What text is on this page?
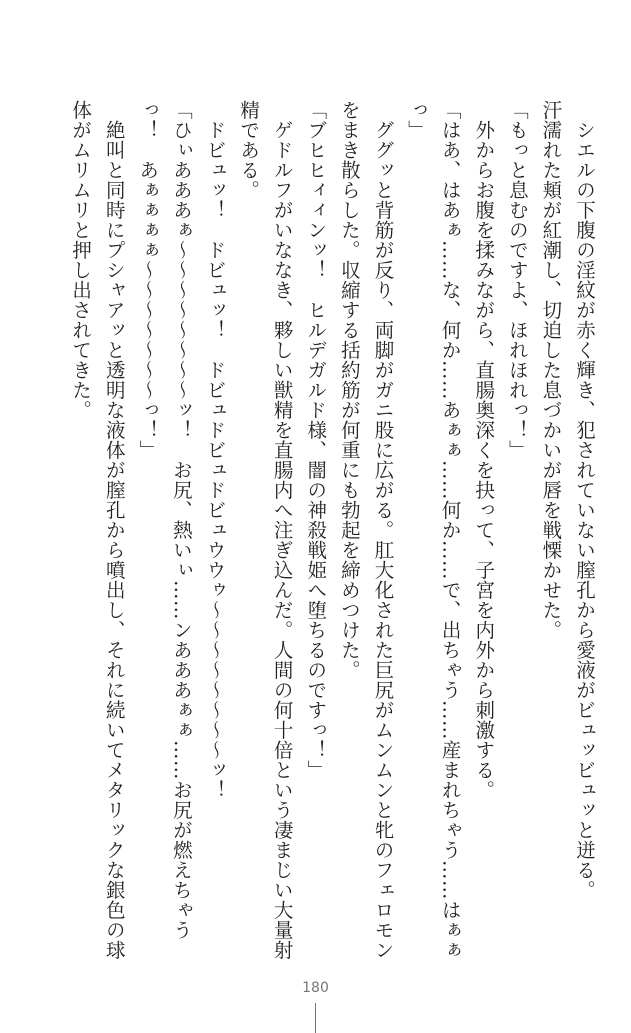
　シエルの下腹の淫紋が赤く輝き、犯されていない膣孔から愛液がビュッビュッと迸る。

汗濡れた頬が紅潮し、切迫した息づかいが唇を戦慄かせた。

「もっと息むのですよ、ほれほれっ！」

　外からお腹を揉みながら、直腸奥深くを抉って、子宮を内外から刺激する。

「はあ、はあぁ……な、何か……あぁぁ……何か……で、出ちゃう……産まれちゃう……はぁぁっ」

　ググッと背筋が反り、両脚がガニ股に広がる。肛大化された巨尻がムンムンと牝のフェロモンをまき散らした。収縮する括約筋が何重にも勃起を締めつけた。

「ブヒヒィィンッ！　ヒルデガルド様、闇の神殺戦姫へ堕ちるのですっ！」

　ゲドルフがいななき、夥しい獣精を直腸内へ注ぎ込んだ。人間の何十倍という凄まじい大量射精である。

　ドビュッ！　ドビュッ！　ドビュドビュドビュウウゥ～～～～～～～～ッ！

「ひぃあああぁ～～～～～～～～ッ！　お尻、熱いぃ……ンあああぁぁ……お尻が燃えちゃうっ！　あぁぁぁぁ～～～～～～～っ！」

　絶叫と同時にプシャアッと透明な液体が膣孔から噴出し、それに続いてメタリックな銀色の球体がムリムリと押し出されてきた。

180
